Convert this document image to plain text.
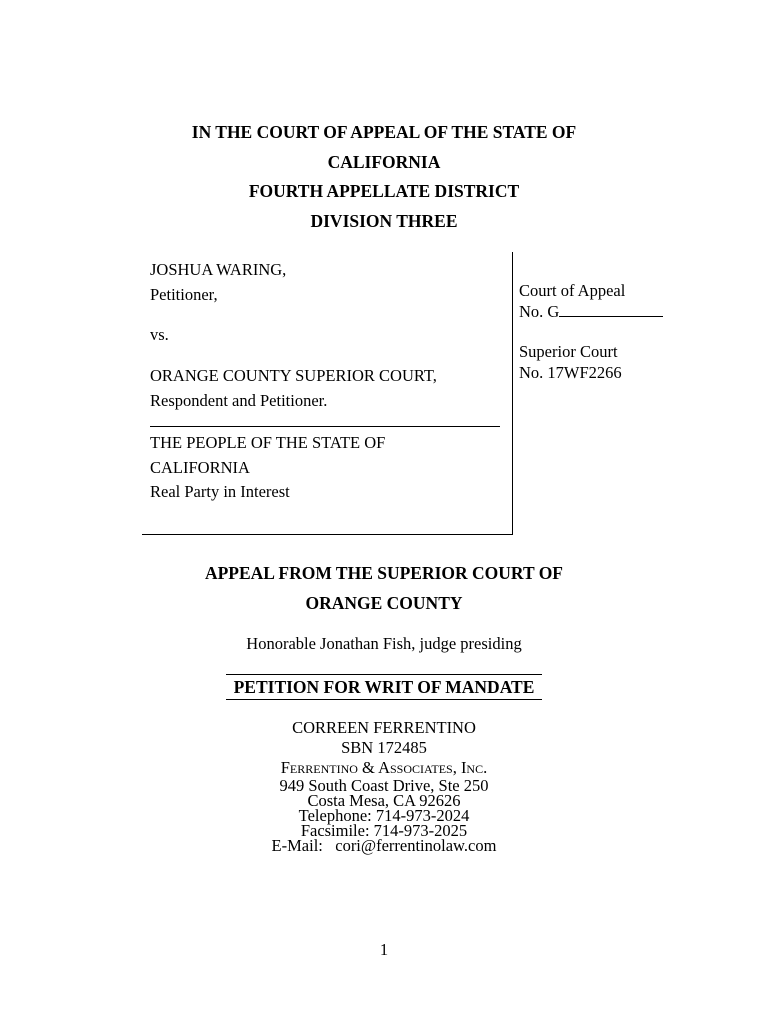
IN THE COURT OF APPEAL OF THE STATE OF
CALIFORNIA
FOURTH APPELLATE DISTRICT
DIVISION THREE
JOSHUA WARING,
Petitioner,
vs.
ORANGE COUNTY SUPERIOR COURT,
Respondent and Petitioner.
THE PEOPLE OF THE STATE OF
CALIFORNIA
Real Party in Interest
Court of Appeal
No. G
Superior Court
No. 17WF2266
APPEAL FROM THE SUPERIOR COURT OF
ORANGE COUNTY
Honorable Jonathan Fish, judge presiding
PETITION FOR WRIT OF MANDATE
CORREEN FERRENTINO
SBN 172485
Ferrentino & Associates, Inc.
949 South Coast Drive, Ste 250
Costa Mesa, CA 92626
Telephone: 714-973-2024
Facsimile: 714-973-2025
E-Mail:   cori@ferrentinolaw.com
1
